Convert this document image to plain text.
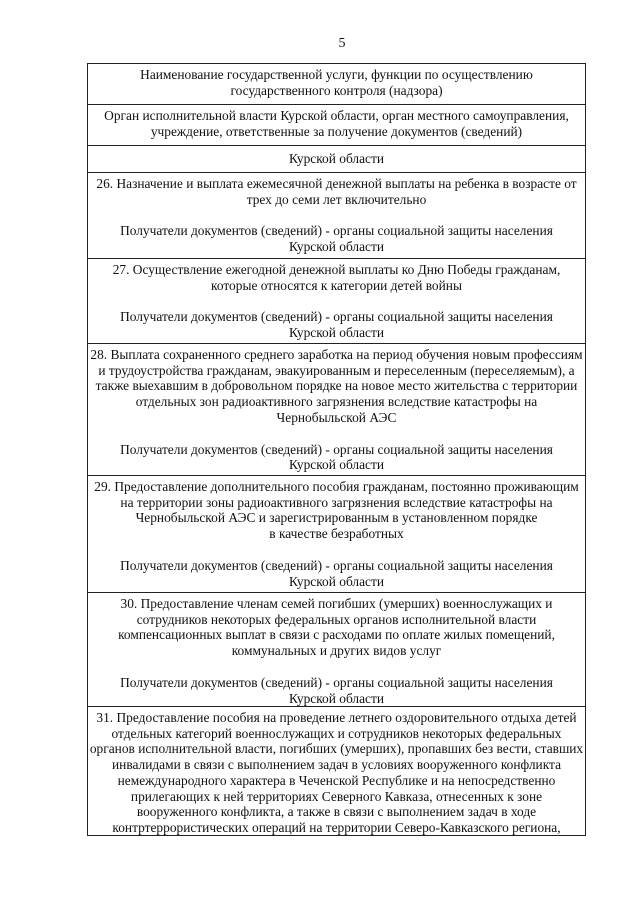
5
Наименование государственной услуги, функции по осуществлению
государственного контроля (надзора)
Орган исполнительной власти Курской области, орган местного самоуправления,
учреждение, ответственные за получение документов (сведений)
Курской области
26. Назначение и выплата ежемесячной денежной выплаты на ребенка в возрасте от
трех до семи лет включительно
Получатели документов (сведений) - органы социальной защиты населения
Курской области
27. Осуществление ежегодной денежной выплаты ко Дню Победы гражданам,
которые относятся к категории детей войны
Получатели документов (сведений) - органы социальной защиты населения
Курской области
28. Выплата сохраненного среднего заработка на период обучения новым профессиям
и трудоустройства гражданам, эвакуированным и переселенным (переселяемым), а
также выехавшим в добровольном порядке на новое место жительства с территории
отдельных зон радиоактивного загрязнения вследствие катастрофы на
Чернобыльской АЭС
Получатели документов (сведений) - органы социальной защиты населения
Курской области
29. Предоставление дополнительного пособия гражданам, постоянно проживающим
на территории зоны радиоактивного загрязнения вследствие катастрофы на
Чернобыльской АЭС и зарегистрированным в установленном порядке
в качестве безработных
Получатели документов (сведений) - органы социальной защиты населения
Курской области
30. Предоставление членам семей погибших (умерших) военнослужащих и
сотрудников некоторых федеральных органов исполнительной власти
компенсационных выплат в связи с расходами по оплате жилых помещений,
коммунальных и других видов услуг
Получатели документов (сведений) - органы социальной защиты населения
Курской области
31. Предоставление пособия на проведение летнего оздоровительного отдыха детей
отдельных категорий военнослужащих и сотрудников некоторых федеральных
органов исполнительной власти, погибших (умерших), пропавших без вести, ставших
инвалидами в связи с выполнением задач в условиях вооруженного конфликта
немеждународного характера в Чеченской Республике и на непосредственно
прилегающих к ней территориях Северного Кавказа, отнесенных к зоне
вооруженного конфликта, а также в связи с выполнением задач в ходе
контртеррористических операций на территории Северо-Кавказского региона,
